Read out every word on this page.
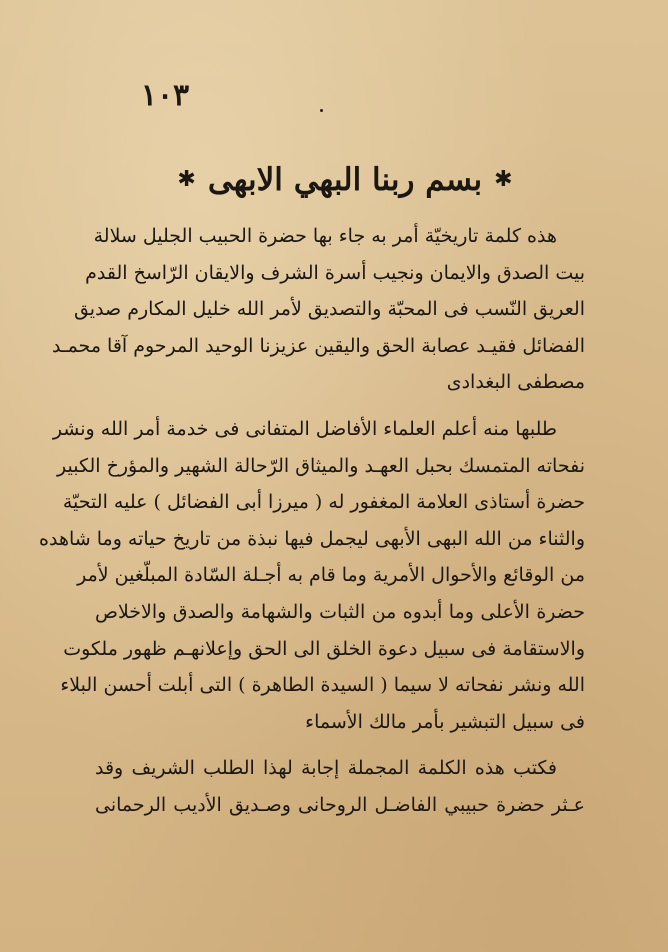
١٠٣
✱
بسم ربنا البهي الابهى
✱

هذه كلمة تاريخيّة أمر به جاء بها حضرة الحبيب الجليل سلالة
بيت الصدق والايمان ونجيب أسرة الشرف والايقان الرّاسخ القدم
العريق النّسب فى المحبّة والتصديق لأمر الله خليل المكارم صديق
الفضائل فقيـد عصابة الحق واليقين عزيزنا الوحيد المرحوم آقا محمـد
مصطفى البغدادى

طلبها منه أعلم العلماء الأفاضل المتفانى فى خدمة أمر الله ونشر
نفحاته المتمسك بحبل العهـد والميثاق الرّحالة الشهير والمؤرخ الكبير
حضرة أستاذى العلامة المغفور له ( ميرزا أبى الفضائل ) عليه التحيّة
والثناء من الله البهى الأبهى ليجمل فيها نبذة من تاريخ حياته وما شاهده
من الوقائع والأحوال الأمرية وما قام به أجـلة السّادة المبلّغين لأمر
حضرة الأعلى وما أبدوه من الثبات والشهامة والصدق والاخلاص
والاستقامة فى سبيل دعوة الخلق الى الحق وإعلانهـم ظهور ملكوت
الله ونشر نفحاته لا سيما ( السيدة الطاهرة ) التى أبلت أحسن البلاء
فى سبيل التبشير بأمر مالك الأسماء

فكتب هذه الكلمة المجملة إجابة لهذا الطلب الشريف وقد
عـثر حضرة حبيبي الفاضـل الروحانى وصـديق الأديب الرحمانى
